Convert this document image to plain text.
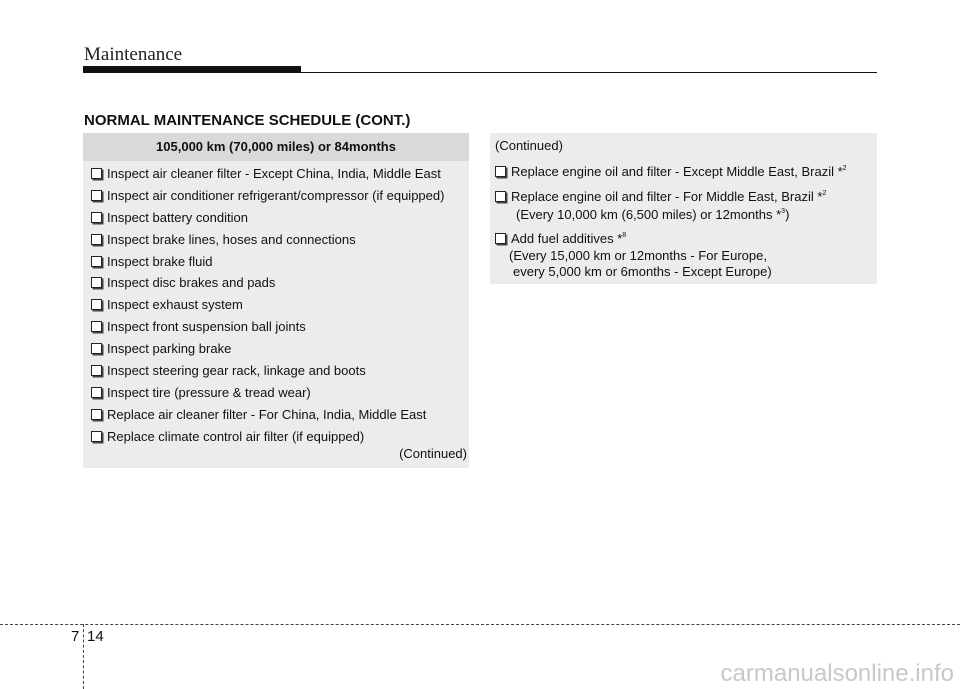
Maintenance
NORMAL MAINTENANCE SCHEDULE (CONT.)
105,000 km (70,000 miles) or 84months
Inspect air cleaner filter - Except China, India, Middle East
Inspect air conditioner refrigerant/compressor (if equipped)
Inspect battery condition
Inspect brake lines, hoses and connections
Inspect brake fluid
Inspect disc brakes and pads
Inspect exhaust system
Inspect front suspension ball joints
Inspect parking brake
Inspect steering gear rack, linkage and boots
Inspect tire (pressure & tread wear)
Replace air cleaner filter - For China, India, Middle East
Replace climate control air filter (if equipped)
(Continued)
(Continued)
Replace engine oil and filter - Except Middle East, Brazil *$^2$
Replace engine oil and filter - For Middle East, Brazil *$^2$
(Every 10,000 km (6,500 miles) or 12months *$^3$)
Add fuel additives *$^8$
(Every 15,000 km or 12months - For Europe,
every 5,000 km or 6months - Except Europe)
7 14
carmanualsonline.info
